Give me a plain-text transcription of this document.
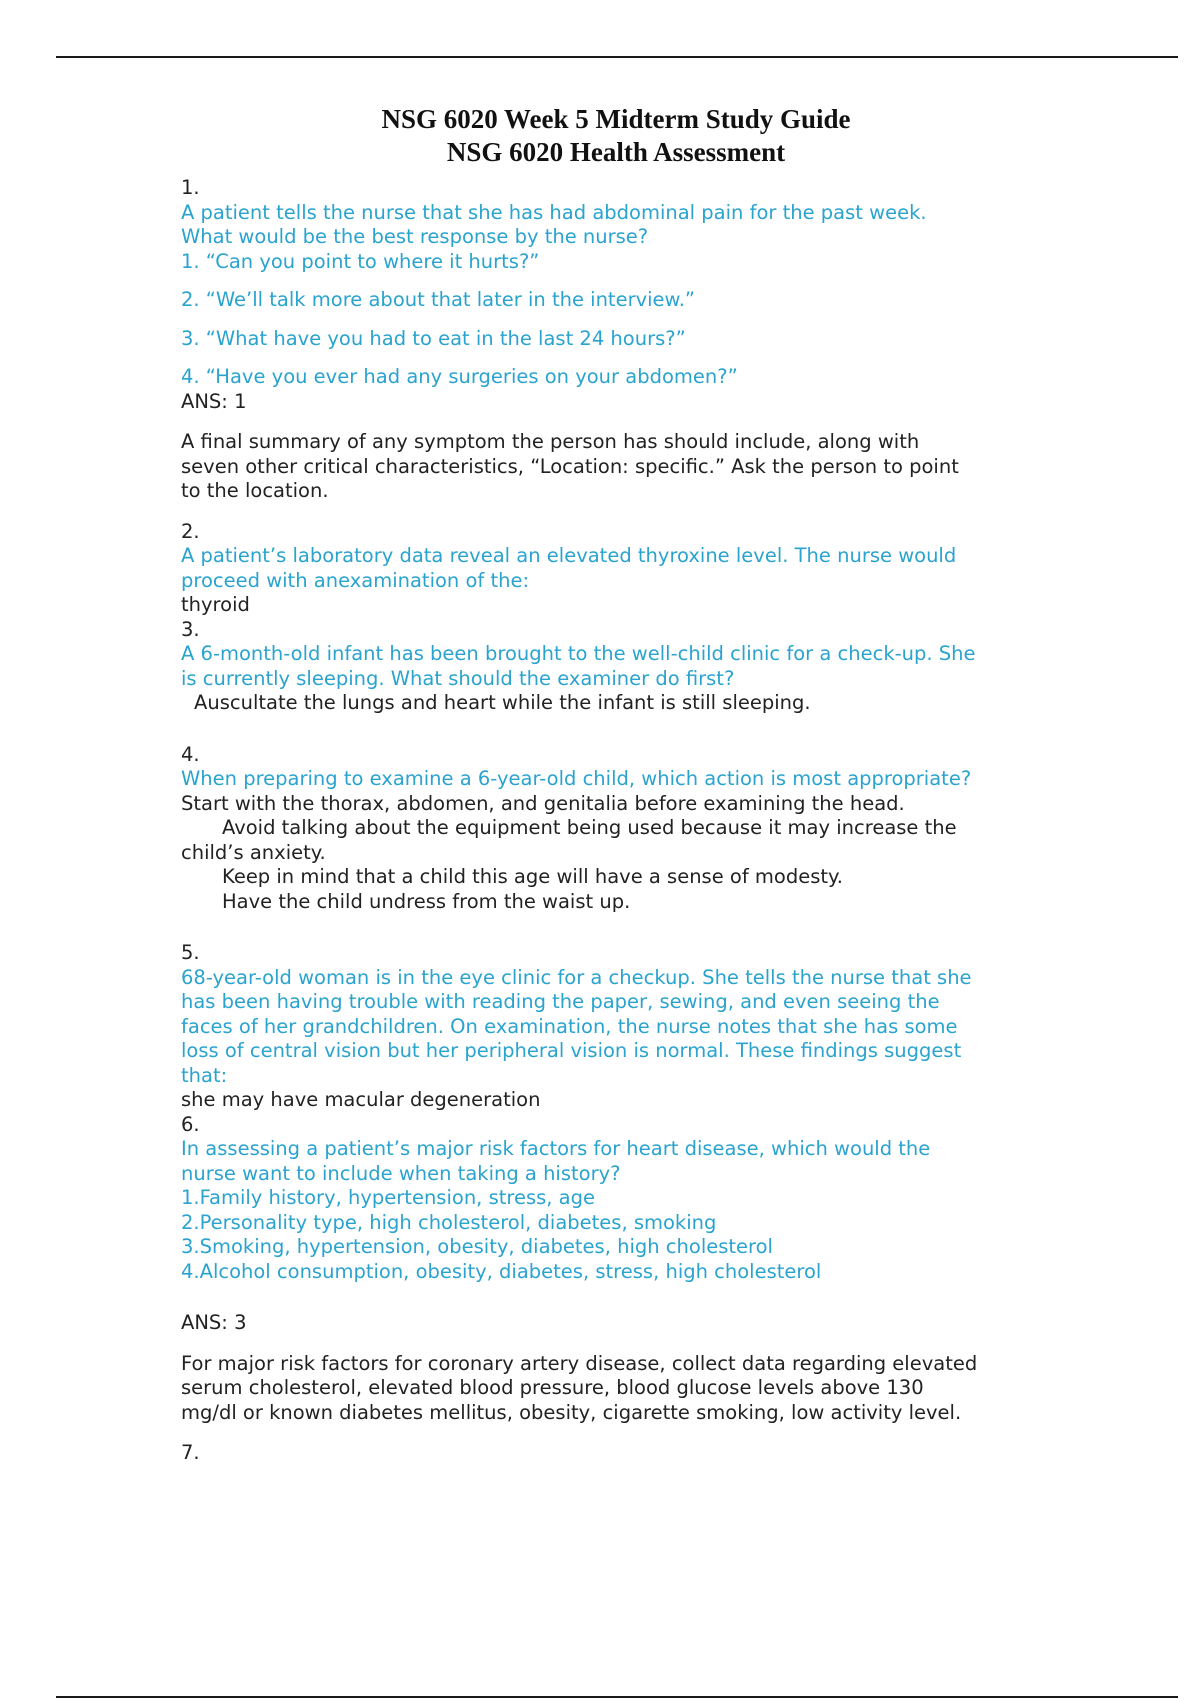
NSG 6020 Week 5 Midterm Study Guide
NSG 6020 Health Assessment

1.

A patient tells the nurse that she has had abdominal pain for the past week.

What would be the best response by the nurse?

1. “Can you point to where it hurts?”

2. “We’ll talk more about that later in the interview.”

3. “What have you had to eat in the last 24 hours?”

4. “Have you ever had any surgeries on your abdomen?”

ANS: 1

A final summary of any symptom the person has should include, along with

seven other critical characteristics, “Location: specific.” Ask the person to point

to the location.

2.

A patient’s laboratory data reveal an elevated thyroxine level. The nurse would

proceed with anexamination of the:

thyroid

3.

A 6-month-old infant has been brought to the well-child clinic for a check-up. She

is currently sleeping. What should the examiner do first?

Auscultate the lungs and heart while the infant is still sleeping.

4.

When preparing to examine a 6-year-old child, which action is most appropriate?

Start with the thorax, abdomen, and genitalia before examining the head.

Avoid talking about the equipment being used because it may increase the

child’s anxiety.

Keep in mind that a child this age will have a sense of modesty.

Have the child undress from the waist up.

5.

68-year-old woman is in the eye clinic for a checkup. She tells the nurse that she

has been having trouble with reading the paper, sewing, and even seeing the

faces of her grandchildren. On examination, the nurse notes that she has some

loss of central vision but her peripheral vision is normal. These findings suggest

that:

she may have macular degeneration

6.

In assessing a patient’s major risk factors for heart disease, which would the

nurse want to include when taking a history?

1.Family history, hypertension, stress, age

2.Personality type, high cholesterol, diabetes, smoking

3.Smoking, hypertension, obesity, diabetes, high cholesterol

4.Alcohol consumption, obesity, diabetes, stress, high cholesterol

ANS: 3

For major risk factors for coronary artery disease, collect data regarding elevated

serum cholesterol, elevated blood pressure, blood glucose levels above 130

mg/dl or known diabetes mellitus, obesity, cigarette smoking, low activity level.

7.
